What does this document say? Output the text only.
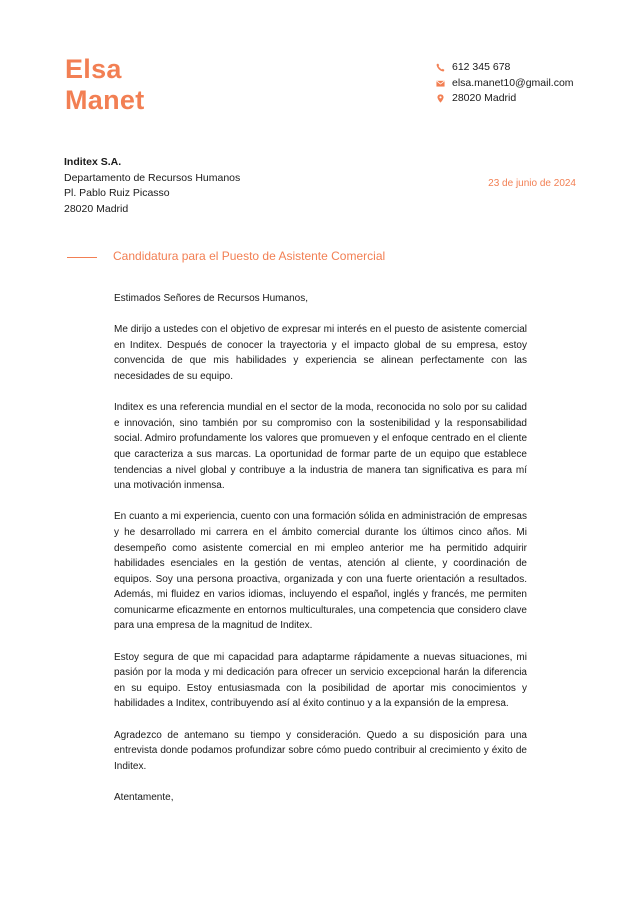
Elsa
Manet
612 345 678
elsa.manet10@gmail.com
28020 Madrid
Inditex S.A.
Departamento de Recursos Humanos
Pl. Pablo Ruiz Picasso
28020 Madrid
23 de junio de 2024
Candidatura para el Puesto de Asistente Comercial

Estimados Señores de Recursos Humanos,

Me dirijo a ustedes con el objetivo de expresar mi interés en el puesto de asistente comercial en Inditex. Después de conocer la trayectoria y el impacto global de su empresa, estoy convencida de que mis habilidades y experiencia se alinean perfectamente con las necesidades de su equipo.

Inditex es una referencia mundial en el sector de la moda, reconocida no solo por su calidad e innovación, sino también por su compromiso con la sostenibilidad y la responsabilidad social. Admiro profundamente los valores que promueven y el enfoque centrado en el cliente que caracteriza a sus marcas. La oportunidad de formar parte de un equipo que establece tendencias a nivel global y contribuye a la industria de manera tan significativa es para mí una motivación inmensa.

En cuanto a mi experiencia, cuento con una formación sólida en administración de empresas y he desarrollado mi carrera en el ámbito comercial durante los últimos cinco años. Mi desempeño como asistente comercial en mi empleo anterior me ha permitido adquirir habilidades esenciales en la gestión de ventas, atención al cliente, y coordinación de equipos. Soy una persona proactiva, organizada y con una fuerte orientación a resultados. Además, mi fluidez en varios idiomas, incluyendo el español, inglés y francés, me permiten comunicarme eficazmente en entornos multiculturales, una competencia que considero clave para una empresa de la magnitud de Inditex.

Estoy segura de que mi capacidad para adaptarme rápidamente a nuevas situaciones, mi pasión por la moda y mi dedicación para ofrecer un servicio excepcional harán la diferencia en su equipo. Estoy entusiasmada con la posibilidad de aportar mis conocimientos y habilidades a Inditex, contribuyendo así al éxito continuo y a la expansión de la empresa.

Agradezco de antemano su tiempo y consideración. Quedo a su disposición para una entrevista donde podamos profundizar sobre cómo puedo contribuir al crecimiento y éxito de Inditex.

Atentamente,
